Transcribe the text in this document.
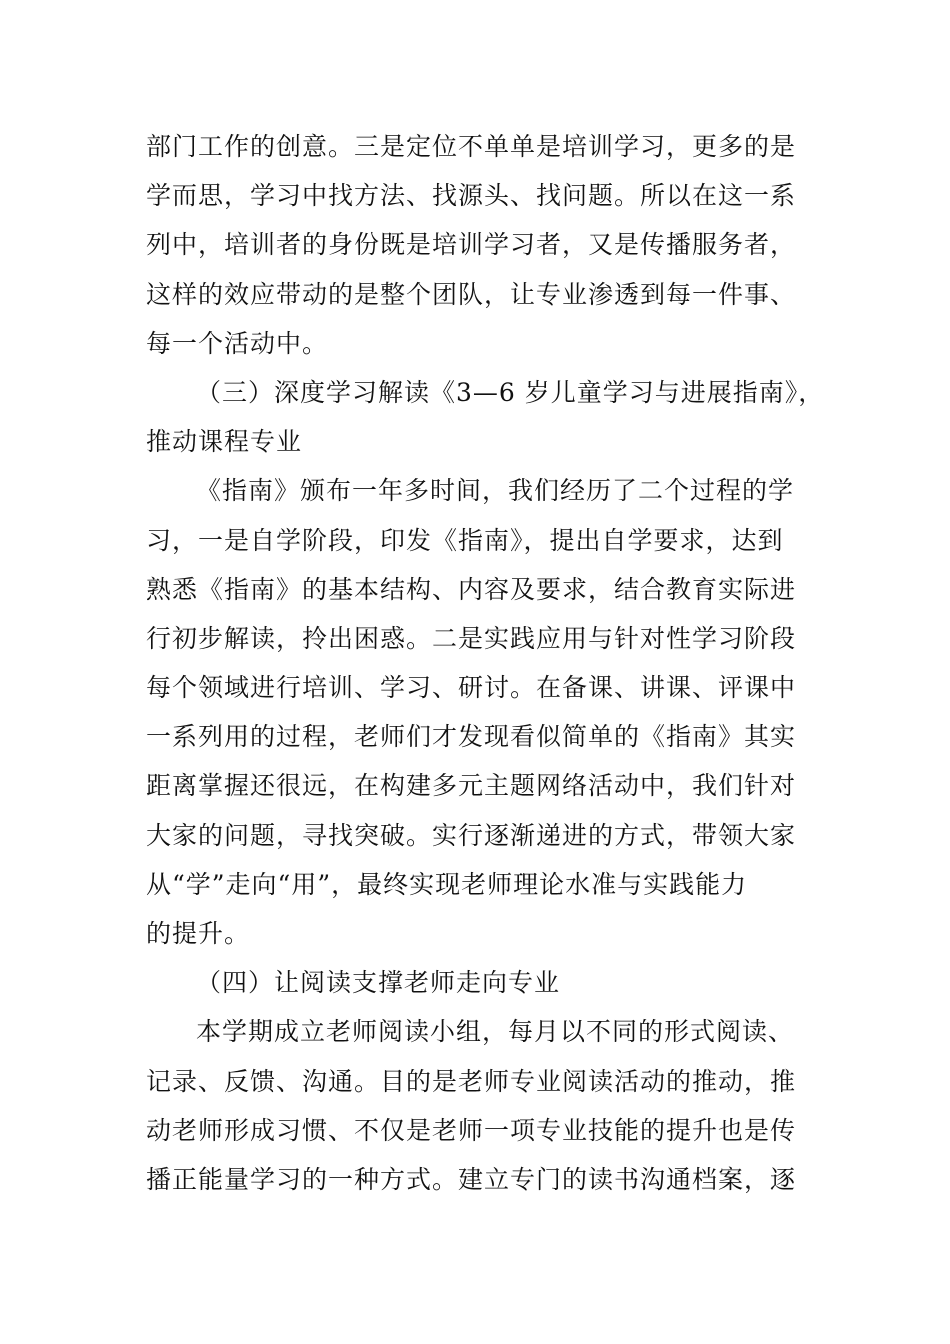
部门工作的创意。三是定位不单单是培训学习，更多的是
学而思，学习中找方法、找源头、找问题。所以在这一系
列中，培训者的身份既是培训学习者，又是传播服务者，
这样的效应带动的是整个团队，让专业渗透到每一件事、
每一个活动中。
（三）深度学习解读《3—6 岁儿童学习与进展指南》，
推动课程专业
《指南》颁布一年多时间，我们经历了二个过程的学
习，一是自学阶段，印发《指南》，提出自学要求，达到
熟悉《指南》的基本结构、内容及要求，结合教育实际进
行初步解读，拎出困惑。二是实践应用与针对性学习阶段
每个领域进行培训、学习、研讨。在备课、讲课、评课中
一系列用的过程，老师们才发现看似简单的《指南》其实
距离掌握还很远，在构建多元主题网络活动中，我们针对
大家的问题，寻找突破。实行逐渐递进的方式，带领大家
从“学”走向“用”，最终实现老师理论水准与实践能力
的提升。
（四）让阅读支撑老师走向专业
本学期成立老师阅读小组，每月以不同的形式阅读、
记录、反馈、沟通。目的是老师专业阅读活动的推动，推
动老师形成习惯、不仅是老师一项专业技能的提升也是传
播正能量学习的一种方式。建立专门的读书沟通档案，逐
